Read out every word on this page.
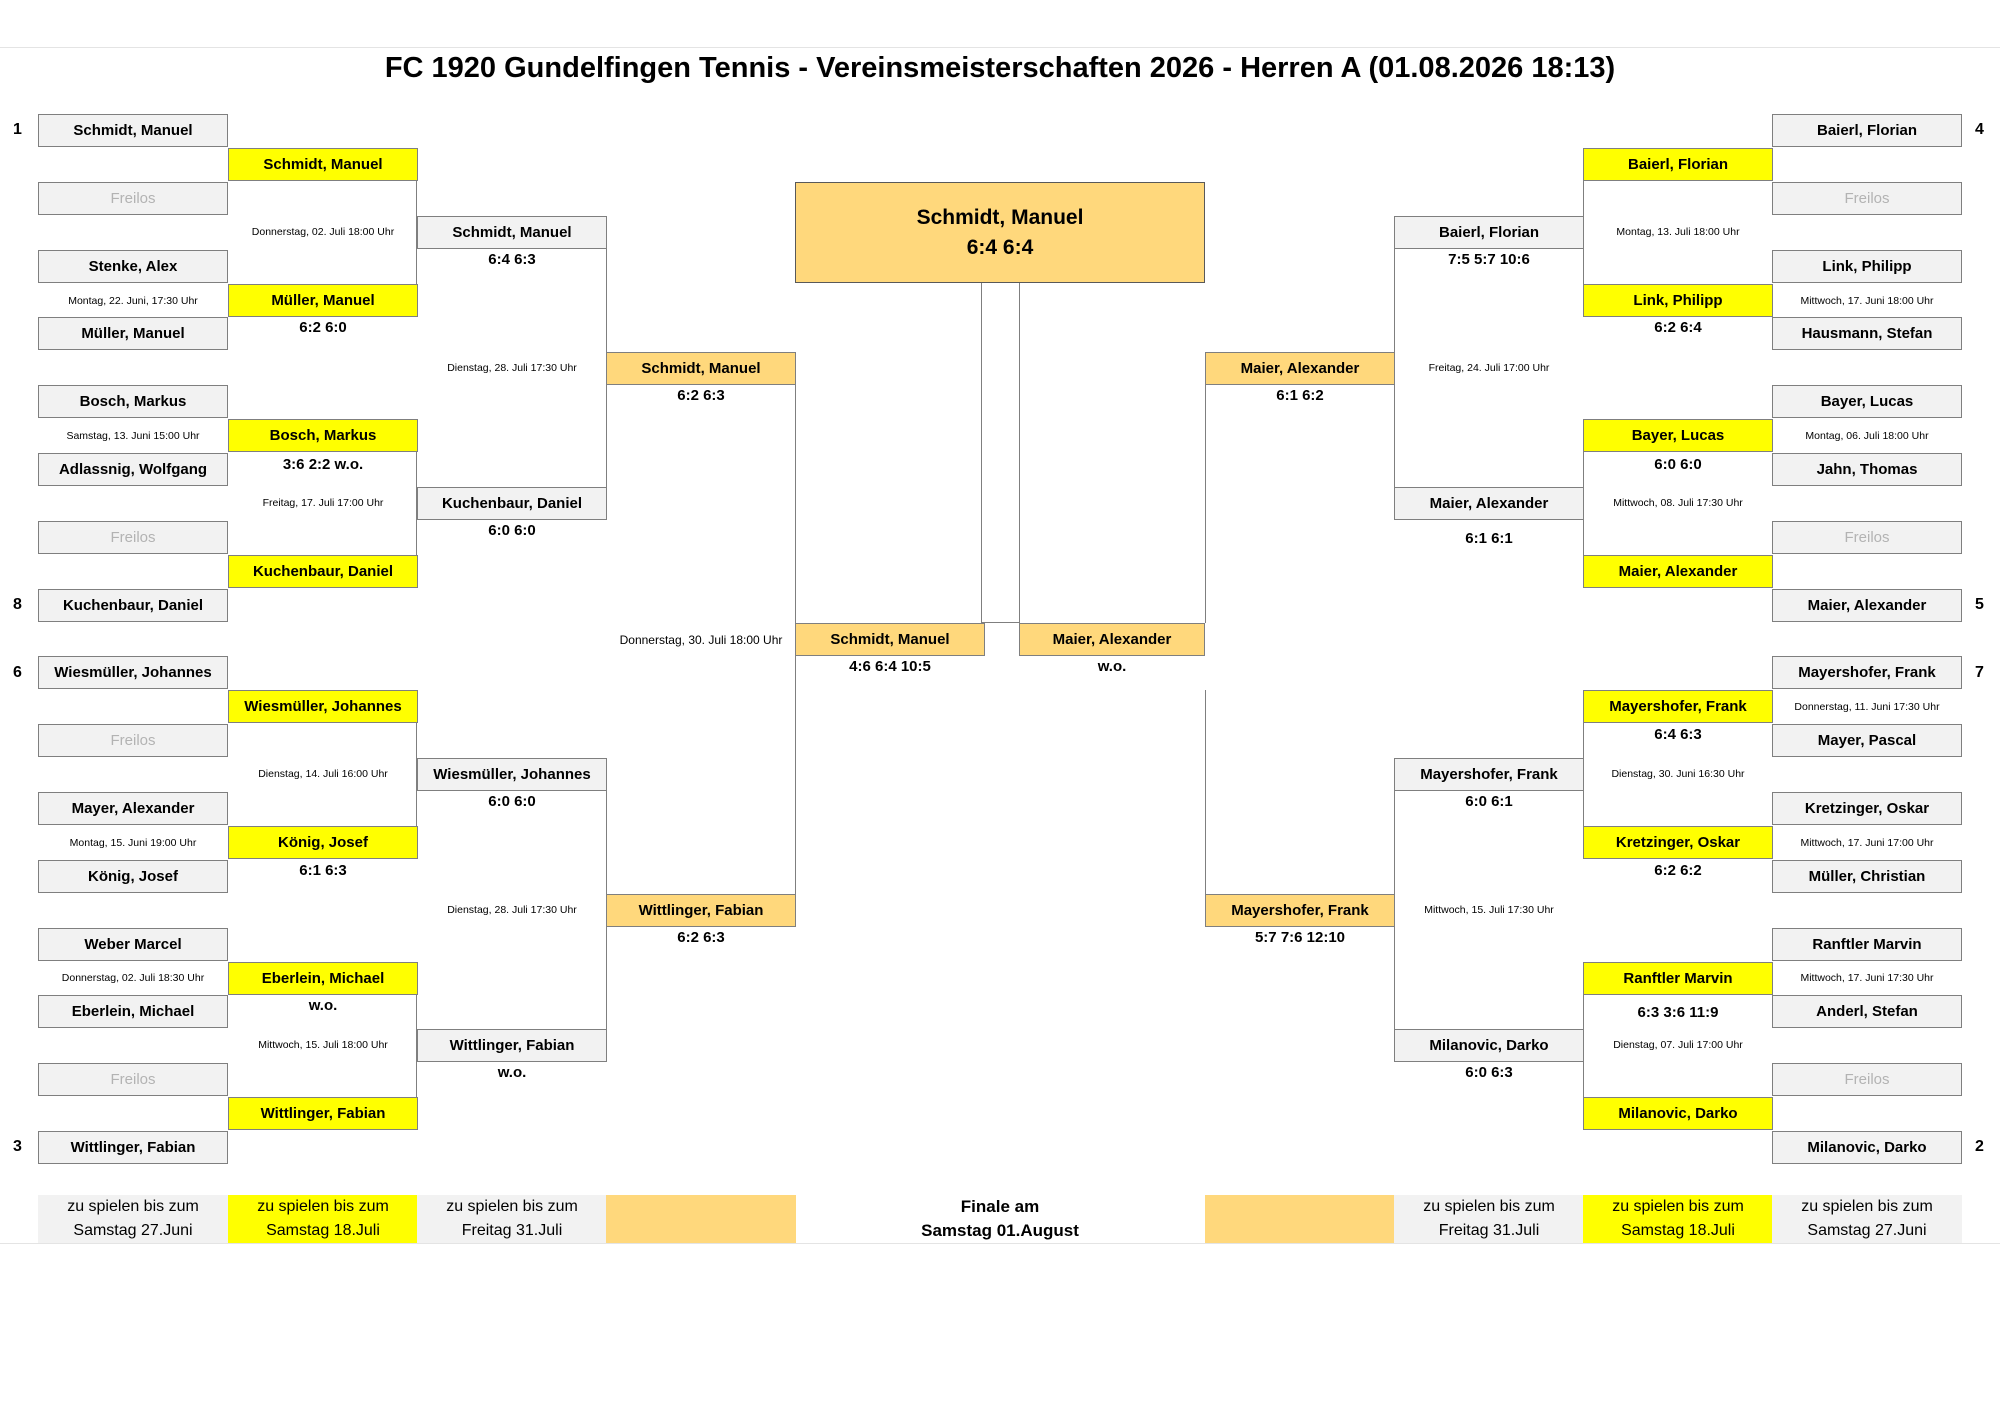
FC 1920 Gundelfingen Tennis - Vereinsmeisterschaften 2026 - Herren A (01.08.2026 18:13)
1
8
6
3
4
5
7
2
Schmidt, Manuel
Freilos
Stenke, Alex
Müller, Manuel
Bosch, Markus
Adlassnig, Wolfgang
Freilos
Kuchenbaur, Daniel
Wiesmüller, Johannes
Freilos
Mayer, Alexander
König, Josef
Weber Marcel
Eberlein, Michael
Freilos
Wittlinger, Fabian
Montag, 22. Juni, 17:30 Uhr
Samstag, 13. Juni 15:00 Uhr
Montag, 15. Juni 19:00 Uhr
Donnerstag, 02. Juli 18:30 Uhr
Schmidt, Manuel
Müller, Manuel
Bosch, Markus
Kuchenbaur, Daniel
Wiesmüller, Johannes
König, Josef
Eberlein, Michael
Wittlinger, Fabian
6:2 6:0
3:6 2:2 w.o.
6:1 6:3
w.o.
Donnerstag, 02. Juli 18:00 Uhr
Freitag, 17. Juli 17:00 Uhr
Dienstag, 14. Juli 16:00 Uhr
Mittwoch, 15. Juli 18:00 Uhr
Schmidt, Manuel
Kuchenbaur, Daniel
Wiesmüller, Johannes
Wittlinger, Fabian
6:4 6:3
6:0 6:0
6:0 6:0
w.o.
Dienstag, 28. Juli 17:30 Uhr
Dienstag, 28. Juli 17:30 Uhr
Schmidt, Manuel
Wittlinger, Fabian
6:2 6:3
6:2 6:3
Donnerstag, 30. Juli 18:00 Uhr
Schmidt, Manuel
6:4 6:4
Schmidt, Manuel	Maier, Alexander
4:6 6:4 10:5	w.o.
Baierl, Florian
Freilos
Link, Philipp
Hausmann, Stefan
Bayer, Lucas
Jahn, Thomas
Freilos
Maier, Alexander
Mayershofer, Frank
Mayer, Pascal
Kretzinger, Oskar
Müller, Christian
Ranftler Marvin
Anderl, Stefan
Freilos
Milanovic, Darko
Mittwoch, 17. Juni 18:00 Uhr
Montag, 06. Juli 18:00 Uhr
Donnerstag, 11. Juni 17:30 Uhr
Mittwoch, 17. Juni 17:00 Uhr
Mittwoch, 17. Juni 17:30 Uhr
Baierl, Florian
Link, Philipp
Bayer, Lucas
Maier, Alexander
Mayershofer, Frank
Kretzinger, Oskar
Ranftler Marvin
Milanovic, Darko
6:2 6:4
6:0 6:0
6:4 6:3
6:2 6:2
6:3 3:6 11:9
Montag, 13. Juli 18:00 Uhr
Mittwoch, 08. Juli 17:30 Uhr
Dienstag, 30. Juni 16:30 Uhr
Dienstag, 07. Juli 17:00 Uhr
Baierl, Florian
Maier, Alexander
Mayershofer, Frank
Milanovic, Darko
7:5 5:7 10:6
6:1 6:1
6:0 6:1
6:0 6:3
Freitag, 24. Juli 17:00 Uhr
Mittwoch, 15. Juli 17:30 Uhr
Maier, Alexander
Mayershofer, Frank
6:1 6:2
5:7 7:6 12:10
zu spielen bis zum
Samstag 27.Juni
zu spielen bis zum
Samstag 18.Juli
zu spielen bis zum
Freitag 31.Juli
Finale am
Samstag 01.August
zu spielen bis zum
Freitag 31.Juli
zu spielen bis zum
Samstag 18.Juli
zu spielen bis zum
Samstag 27.Juni
